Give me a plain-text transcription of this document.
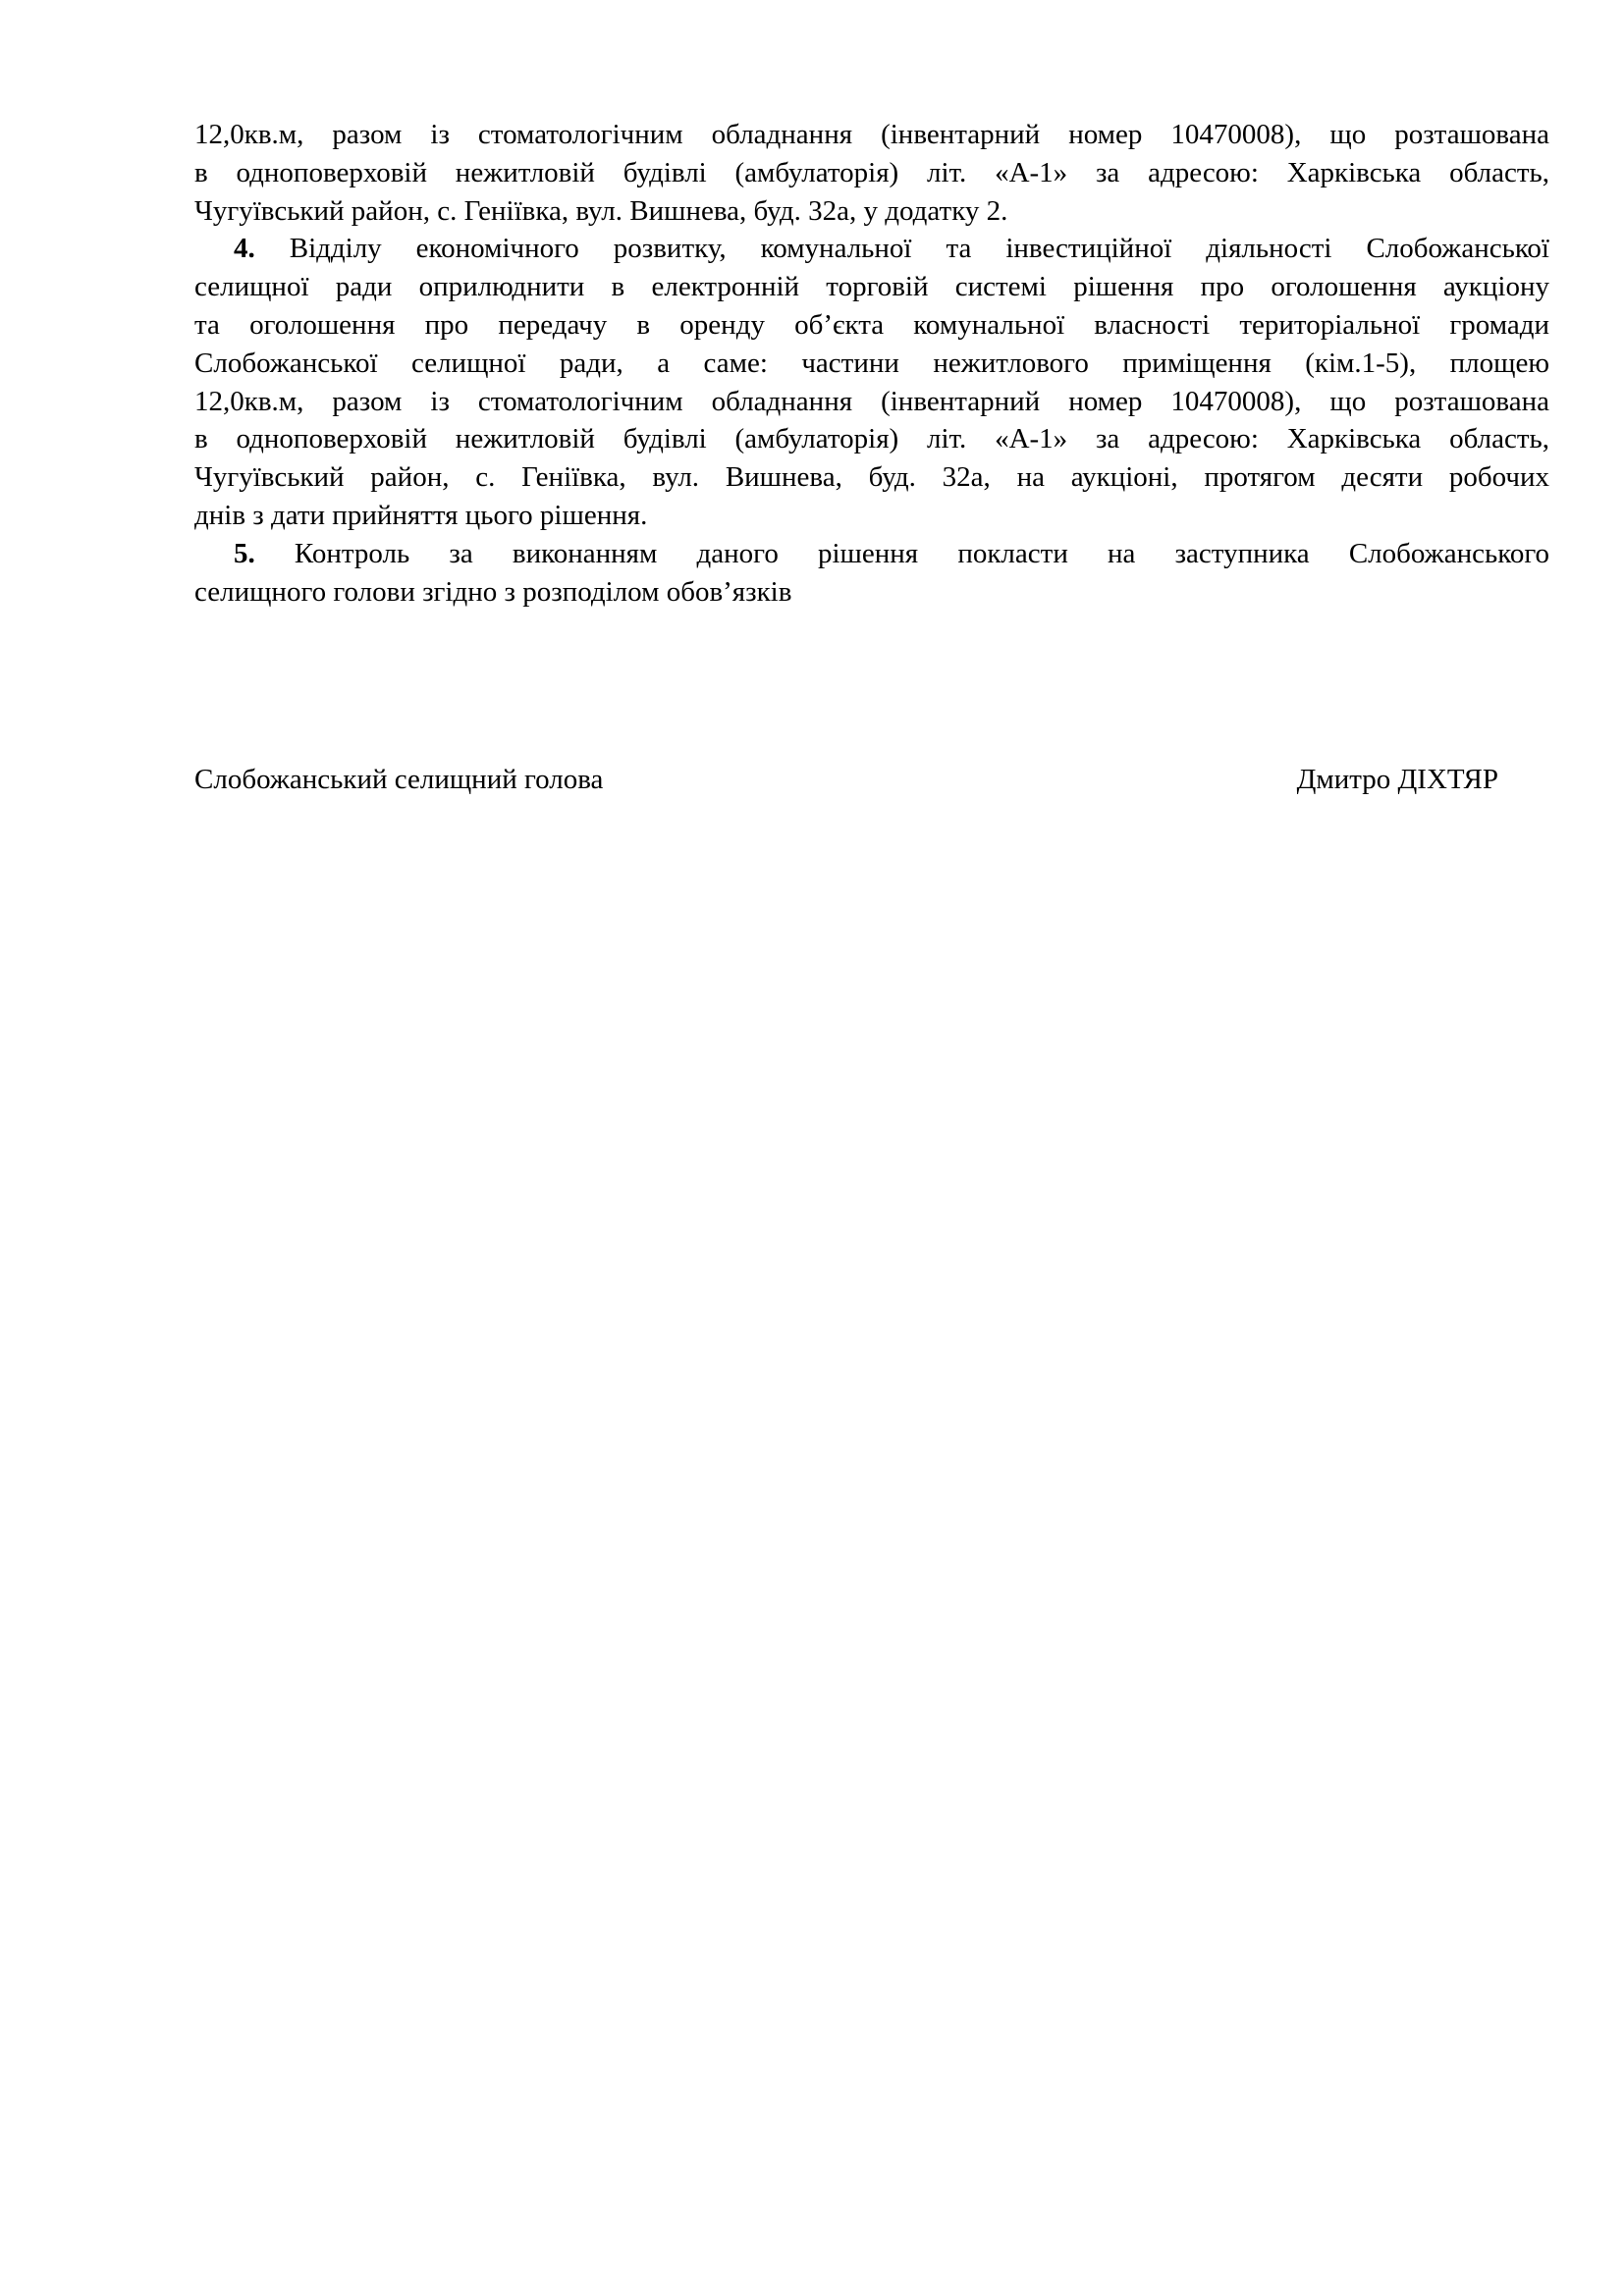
12,0кв.м, разом із стоматологічним обладнання (інвентарний номер 10470008), що розташована
в одноповерховій нежитловій будівлі (амбулаторія) літ. «А-1» за адресою: Харківська область,
Чугуївський район, с. Геніївка, вул. Вишнева, буд. 32а, у додатку 2.
4. Відділу економічного розвитку, комунальної та інвестиційної діяльності Слобожанської
селищної ради оприлюднити в електронній торговій системі рішення про оголошення аукціону
та оголошення про передачу в оренду об’єкта комунальної власності територіальної громади
Слобожанської селищної ради, а саме: частини нежитлового приміщення (кім.1-5), площею
12,0кв.м, разом із стоматологічним обладнання (інвентарний номер 10470008), що розташована
в одноповерховій нежитловій будівлі (амбулаторія) літ. «А-1» за адресою: Харківська область,
Чугуївський район, с. Геніївка, вул. Вишнева, буд. 32а, на аукціоні, протягом десяти робочих
днів з дати прийняття цього рішення.
5. Контроль за виконанням даного рішення покласти на заступника Слобожанського
селищного голови згідно з розподілом обов’язків
Слобожанський селищний голова	Дмитро ДІХТЯР
